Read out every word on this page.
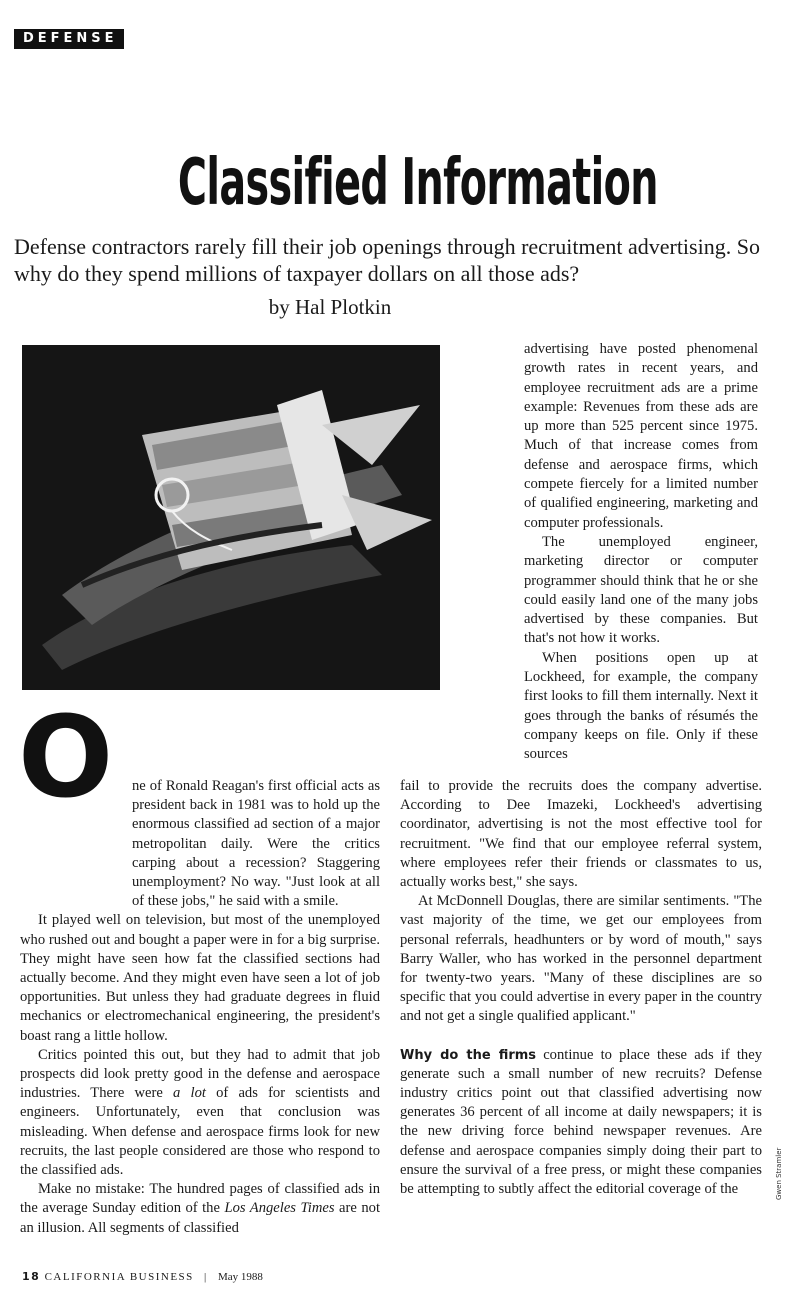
DEFENSE
Classified Information

Defense contractors rarely fill their job openings through recruitment advertising. So why do they spend millions of taxpayer dollars on all those ads?

by Hal Plotkin

advertising have posted phenomenal growth rates in recent years, and employee recruitment ads are a prime example: Revenues from these ads are up more than 525 percent since 1975. Much of that increase comes from defense and aerospace firms, which compete fiercely for a limited number of qualified engineering, marketing and computer professionals.

The unemployed engineer, marketing director or computer programmer should think that he or she could easily land one of the many jobs advertised by these companies. But that's not how it works.

When positions open up at Lockheed, for example, the company first looks to fill them internally. Next it goes through the banks of résumés the company keeps on file. Only if these sources

O	ne of Ronald Reagan's first official acts as president back in 1981 was to hold up the enormous classified ad section of a major metropolitan daily. Were the critics carping about a recession? Staggering unemployment? No way. "Just look at all of these jobs," he said with a smile.

It played well on television, but most of the unemployed who rushed out and bought a paper were in for a big surprise. They might have seen how fat the classified sections had actually become. And they might even have seen a lot of job opportunities. But unless they had graduate degrees in fluid mechanics or electromechanical engineering, the president's boast rang a little hollow.

Critics pointed this out, but they had to admit that job prospects did look pretty good in the defense and aerospace industries. There were a lot of ads for scientists and engineers. Unfortunately, even that conclusion was misleading. When defense and aerospace firms look for new recruits, the last people considered are those who respond to the classified ads.

Make no mistake: The hundred pages of classified ads in the average Sunday edition of the Los Angeles Times are not an illusion. All segments of classified

fail to provide the recruits does the company advertise. According to Dee Imazeki, Lockheed's advertising coordinator, advertising is not the most effective tool for recruitment. "We find that our employee referral system, where employees refer their friends or classmates to us, actually works best," she says.

At McDonnell Douglas, there are similar sentiments. "The vast majority of the time, we get our employees from personal referrals, headhunters or by word of mouth," says Barry Waller, who has worked in the personnel department for twenty-two years. "Many of these disciplines are so specific that you could advertise in every paper in the country and not get a single qualified applicant."

Why do the firms continue to place these ads if they generate such a small number of new recruits? Defense industry critics point out that classified advertising now generates 36 percent of all income at daily newspapers; it is the new driving force behind newspaper revenues. Are defense and aerospace companies simply doing their part to ensure the survival of a free press, or might these companies be attempting to subtly affect the editorial coverage of the	Gwen Stramler
18 CALIFORNIA BUSINESS | May 1988
